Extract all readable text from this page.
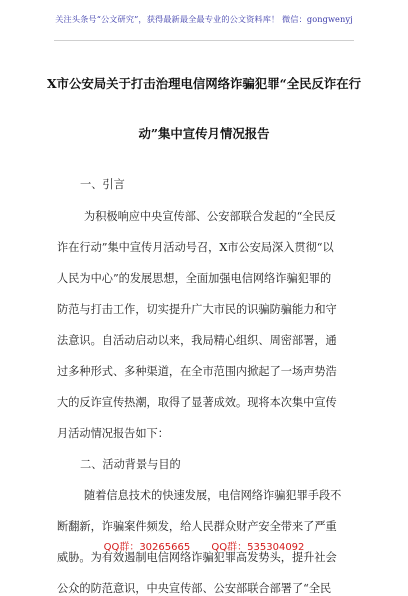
关注头条号“公文研究”，获得最新最全最专业的公文资料库！ 微信：gongwenyj
X市公安局关于打击治理电信网络诈骗犯罪“全民反诈在行
动”集中宣传月情况报告
一、引言
为积极响应中央宣传部、公安部联合发起的“全民反
诈在行动”集中宣传月活动号召，X市公安局深入贯彻“以
人民为中心”的发展思想，全面加强电信网络诈骗犯罪的
防范与打击工作，切实提升广大市民的识骗防骗能力和守
法意识。自活动启动以来，我局精心组织、周密部署，通
过多种形式、多种渠道，在全市范围内掀起了一场声势浩
大的反诈宣传热潮，取得了显著成效。现将本次集中宣传
月活动情况报告如下：
二、活动背景与目的
随着信息技术的快速发展，电信网络诈骗犯罪手段不
断翻新，诈骗案件频发，给人民群众财产安全带来了严重
威胁。为有效遏制电信网络诈骗犯罪高发势头，提升社会
公众的防范意识，中央宣传部、公安部联合部署了“全民
QQ群：30265665 QQ群：535304092
